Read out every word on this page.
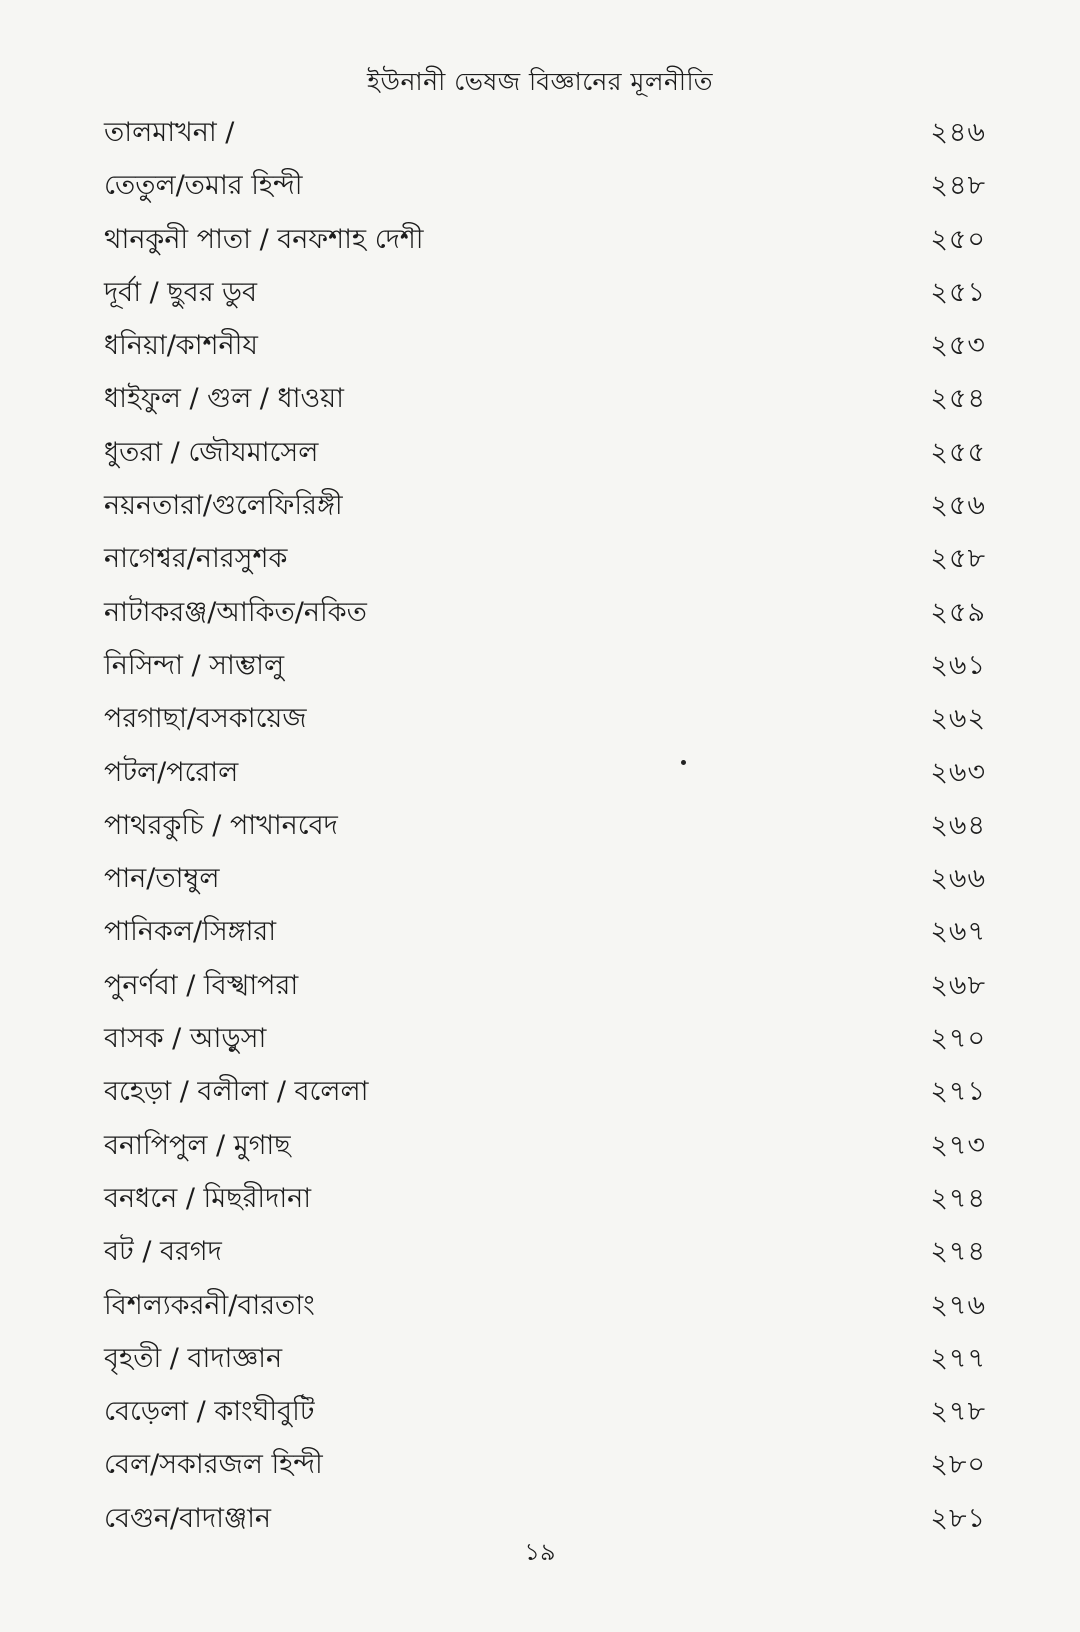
ইউনানী ভেষজ বিজ্ঞানের মূলনীতি
তালমাখনা /	২৪৬
তেতুল/তমার হিন্দী	২৪৮
থানকুনী পাতা / বনফশাহ দেশী	২৫০
দূর্বা / ছুবর ডুব	২৫১
ধনিয়া/কাশনীয	২৫৩
ধাইফুল / গুল / ধাওয়া	২৫৪
ধুতরা / জৌযমাসেল	২৫৫
নয়নতারা/গুলেফিরিঙ্গী	২৫৬
নাগেশ্বর/নারসুশক	২৫৮
নাটাকরঞ্জ/আকিত/নকিত	২৫৯
নিসিন্দা / সাম্ভালু	২৬১
পরগাছা/বসকায়েজ	২৬২
পটল/পরোল	২৬৩
পাথরকুচি / পাখানবেদ	২৬৪
পান/তাম্বুল	২৬৬
পানিকল/সিঙ্গারা	২৬৭
পুনর্ণবা / বিস্খাপরা	২৬৮
বাসক / আড়ুসা	২৭০
বহেড়া / বলীলা / বলেলা	২৭১
বনাপিপুল / মুগাছ	২৭৩
বনধনে / মিছরীদানা	২৭৪
বট / বরগদ	২৭৪
বিশল্যকরনী/বারতাং	২৭৬
বৃহতী / বাদাজ্ঞান	২৭৭
বেড়েলা / কাংঘীবুটি	২৭৮
বেল/সকারজল হিন্দী	২৮০
বেগুন/বাদাঞ্জান	২৮১
১৯
